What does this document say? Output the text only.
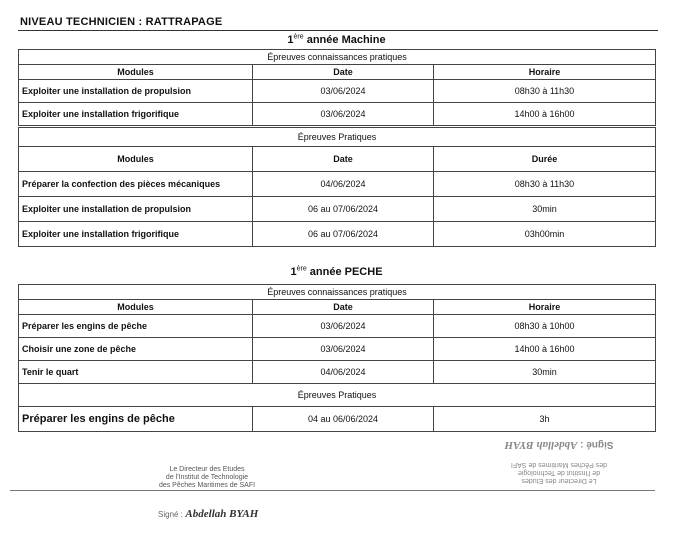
NIVEAU TECHNICIEN : RATTRAPAGE
1ère année Machine
Épreuves connaissances pratiques		
Modules	Date	Horaire
Exploiter une installation de propulsion	03/06/2024	08h30 à 11h30
Exploiter une installation frigorifique	03/06/2024	14h00 à 16h00
Épreuves Pratiques		
Modules	Date	Durée
Préparer la confection des pièces mécaniques	04/06/2024	08h30 à 11h30
Exploiter une installation de propulsion	06 au 07/06/2024	30min
Exploiter une installation frigorifique	06 au 07/06/2024	03h00min
1ère année PECHE
Épreuves connaissances pratiques		
Modules	Date	Horaire
Préparer les engins de pêche	03/06/2024	08h30 à 10h00
Choisir une zone de pêche	03/06/2024	14h00 à 16h00
Tenir le quart	04/06/2024	30min
Épreuves Pratiques		
Préparer les engins de pêche	04 au 06/06/2024	3h
Signé : Abdellah BYAH
Le Directeur des Etudes
de l'Institut de Technologie
des Pêches Maritimes de SAFI
Le Directeur des Etudes
de l'Institut de Technologie
des Pêches Maritimes de SAFI
Signé : Abdellah BYAH
